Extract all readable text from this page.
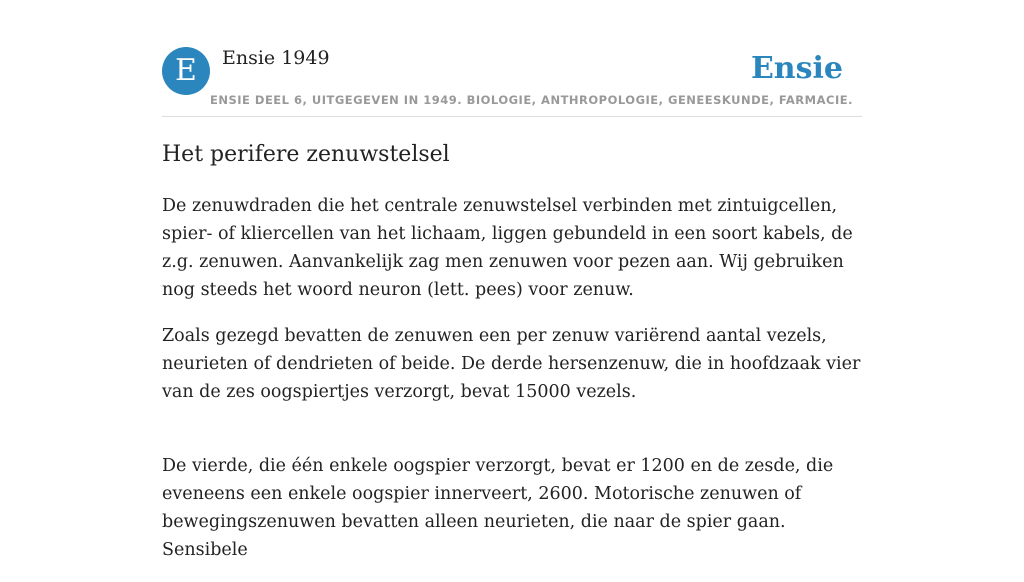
E	Ensie 1949	Ensie
ENSIE DEEL 6, UITGEGEVEN IN 1949. BIOLOGIE, ANTHROPOLOGIE, GENEESKUNDE, FARMACIE.
Het perifere zenuwstelsel

De zenuwdraden die het centrale zenuwstelsel verbinden met zintuigcellen, spier- of kliercellen van het lichaam, liggen gebundeld in een soort kabels, de z.g. zenuwen. Aanvankelijk zag men zenuwen voor pezen aan. Wij gebruiken nog steeds het woord neuron (lett. pees) voor zenuw.

Zoals gezegd bevatten de zenuwen een per zenuw variërend aantal vezels, neurieten of dendrieten of beide. De derde hersenzenuw, die in hoofdzaak vier van de zes oogspiertjes verzorgt, bevat 15000 vezels.

De vierde, die één enkele oogspier verzorgt, bevat er 1200 en de zesde, die eveneens een enkele oogspier innerveert, 2600. Motorische zenuwen of bewegingszenuwen bevatten alleen neurieten, die naar de spier gaan. Sensibele
